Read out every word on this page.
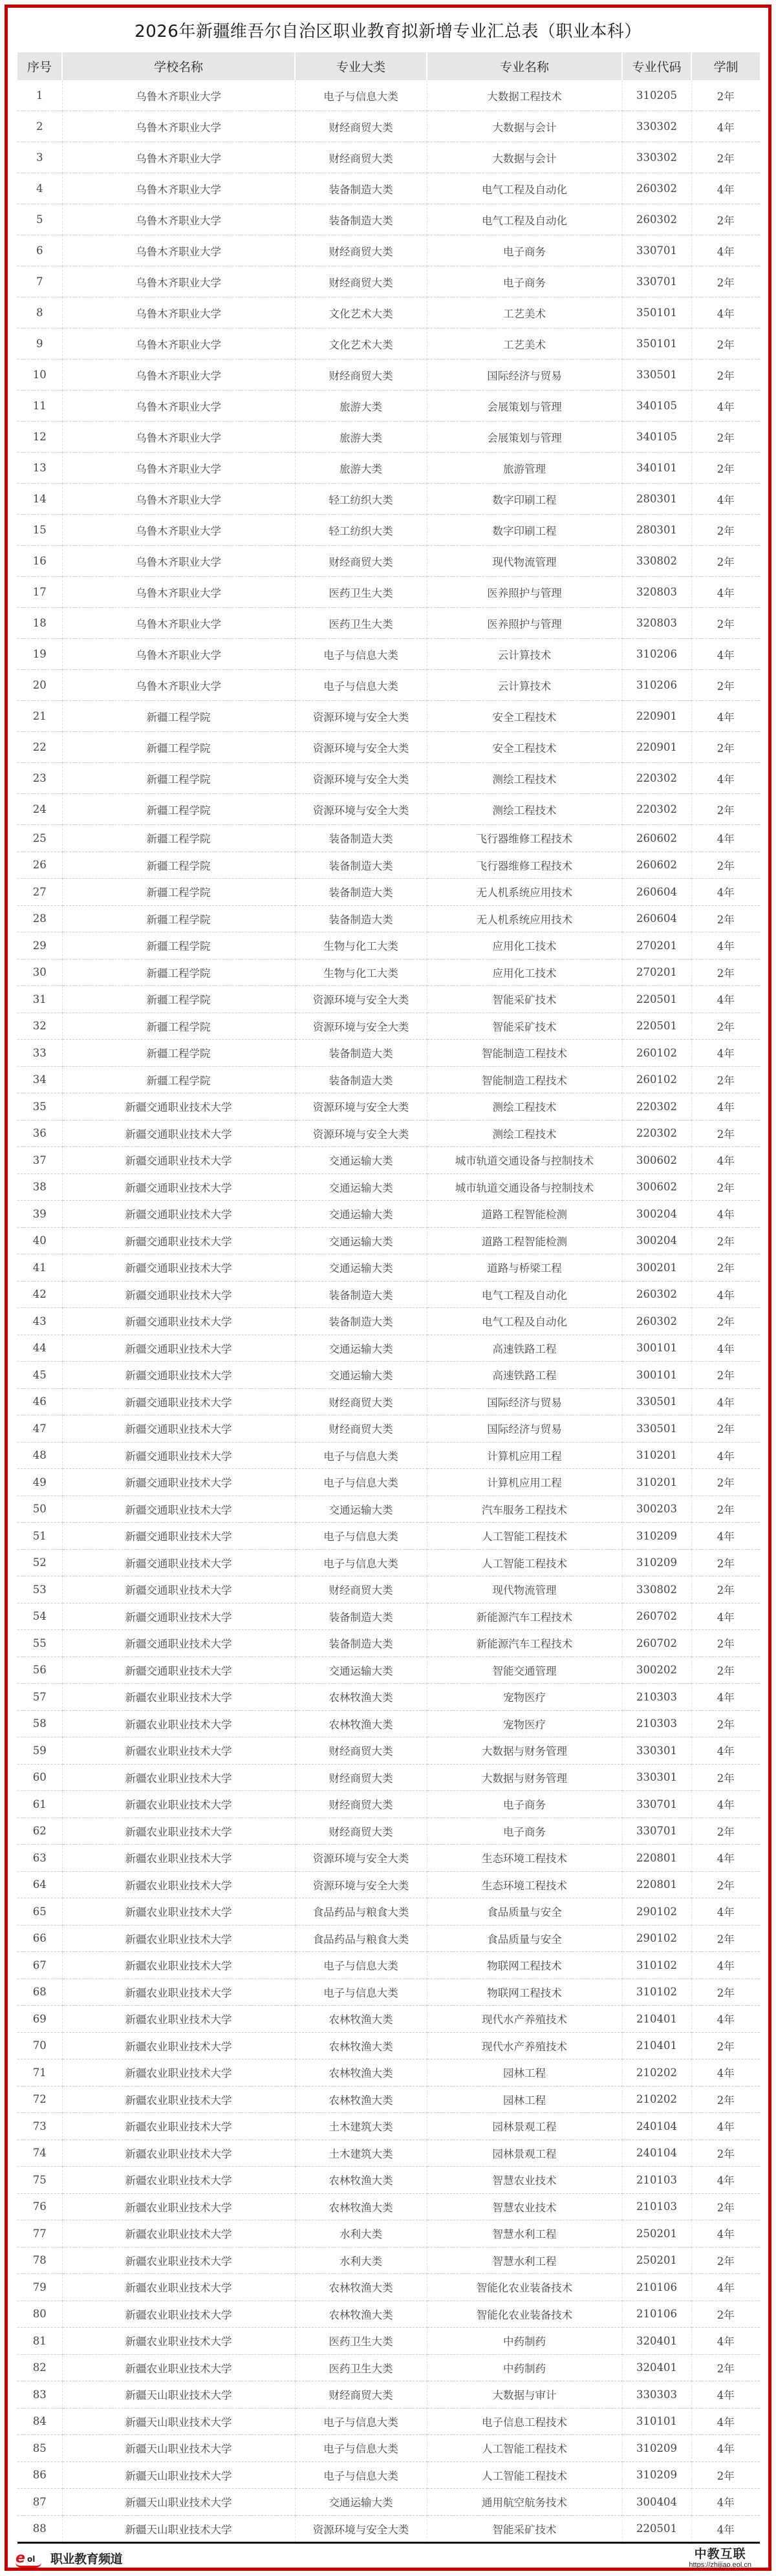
2026年新疆维吾尔自治区职业教育拟新增专业汇总表（职业本科）
序号	学校名称	专业大类	专业名称	专业代码	学制
1	乌鲁木齐职业大学	电子与信息大类	大数据工程技术	310205	2年
2	乌鲁木齐职业大学	财经商贸大类	大数据与会计	330302	4年
3	乌鲁木齐职业大学	财经商贸大类	大数据与会计	330302	2年
4	乌鲁木齐职业大学	装备制造大类	电气工程及自动化	260302	4年
5	乌鲁木齐职业大学	装备制造大类	电气工程及自动化	260302	2年
6	乌鲁木齐职业大学	财经商贸大类	电子商务	330701	4年
7	乌鲁木齐职业大学	财经商贸大类	电子商务	330701	2年
8	乌鲁木齐职业大学	文化艺术大类	工艺美术	350101	4年
9	乌鲁木齐职业大学	文化艺术大类	工艺美术	350101	2年
10	乌鲁木齐职业大学	财经商贸大类	国际经济与贸易	330501	2年
11	乌鲁木齐职业大学	旅游大类	会展策划与管理	340105	4年
12	乌鲁木齐职业大学	旅游大类	会展策划与管理	340105	2年
13	乌鲁木齐职业大学	旅游大类	旅游管理	340101	2年
14	乌鲁木齐职业大学	轻工纺织大类	数字印刷工程	280301	4年
15	乌鲁木齐职业大学	轻工纺织大类	数字印刷工程	280301	2年
16	乌鲁木齐职业大学	财经商贸大类	现代物流管理	330802	2年
17	乌鲁木齐职业大学	医药卫生大类	医养照护与管理	320803	4年
18	乌鲁木齐职业大学	医药卫生大类	医养照护与管理	320803	2年
19	乌鲁木齐职业大学	电子与信息大类	云计算技术	310206	4年
20	乌鲁木齐职业大学	电子与信息大类	云计算技术	310206	2年
21	新疆工程学院	资源环境与安全大类	安全工程技术	220901	4年
22	新疆工程学院	资源环境与安全大类	安全工程技术	220901	2年
23	新疆工程学院	资源环境与安全大类	测绘工程技术	220302	4年
24	新疆工程学院	资源环境与安全大类	测绘工程技术	220302	2年
25	新疆工程学院	装备制造大类	飞行器维修工程技术	260602	4年
26	新疆工程学院	装备制造大类	飞行器维修工程技术	260602	2年
27	新疆工程学院	装备制造大类	无人机系统应用技术	260604	4年
28	新疆工程学院	装备制造大类	无人机系统应用技术	260604	2年
29	新疆工程学院	生物与化工大类	应用化工技术	270201	4年
30	新疆工程学院	生物与化工大类	应用化工技术	270201	2年
31	新疆工程学院	资源环境与安全大类	智能采矿技术	220501	4年
32	新疆工程学院	资源环境与安全大类	智能采矿技术	220501	2年
33	新疆工程学院	装备制造大类	智能制造工程技术	260102	4年
34	新疆工程学院	装备制造大类	智能制造工程技术	260102	2年
35	新疆交通职业技术大学	资源环境与安全大类	测绘工程技术	220302	4年
36	新疆交通职业技术大学	资源环境与安全大类	测绘工程技术	220302	2年
37	新疆交通职业技术大学	交通运输大类	城市轨道交通设备与控制技术	300602	4年
38	新疆交通职业技术大学	交通运输大类	城市轨道交通设备与控制技术	300602	2年
39	新疆交通职业技术大学	交通运输大类	道路工程智能检测	300204	4年
40	新疆交通职业技术大学	交通运输大类	道路工程智能检测	300204	2年
41	新疆交通职业技术大学	交通运输大类	道路与桥梁工程	300201	2年
42	新疆交通职业技术大学	装备制造大类	电气工程及自动化	260302	4年
43	新疆交通职业技术大学	装备制造大类	电气工程及自动化	260302	2年
44	新疆交通职业技术大学	交通运输大类	高速铁路工程	300101	4年
45	新疆交通职业技术大学	交通运输大类	高速铁路工程	300101	2年
46	新疆交通职业技术大学	财经商贸大类	国际经济与贸易	330501	4年
47	新疆交通职业技术大学	财经商贸大类	国际经济与贸易	330501	2年
48	新疆交通职业技术大学	电子与信息大类	计算机应用工程	310201	4年
49	新疆交通职业技术大学	电子与信息大类	计算机应用工程	310201	2年
50	新疆交通职业技术大学	交通运输大类	汽车服务工程技术	300203	2年
51	新疆交通职业技术大学	电子与信息大类	人工智能工程技术	310209	4年
52	新疆交通职业技术大学	电子与信息大类	人工智能工程技术	310209	2年
53	新疆交通职业技术大学	财经商贸大类	现代物流管理	330802	2年
54	新疆交通职业技术大学	装备制造大类	新能源汽车工程技术	260702	4年
55	新疆交通职业技术大学	装备制造大类	新能源汽车工程技术	260702	2年
56	新疆交通职业技术大学	交通运输大类	智能交通管理	300202	2年
57	新疆农业职业技术大学	农林牧渔大类	宠物医疗	210303	4年
58	新疆农业职业技术大学	农林牧渔大类	宠物医疗	210303	2年
59	新疆农业职业技术大学	财经商贸大类	大数据与财务管理	330301	4年
60	新疆农业职业技术大学	财经商贸大类	大数据与财务管理	330301	2年
61	新疆农业职业技术大学	财经商贸大类	电子商务	330701	4年
62	新疆农业职业技术大学	财经商贸大类	电子商务	330701	2年
63	新疆农业职业技术大学	资源环境与安全大类	生态环境工程技术	220801	4年
64	新疆农业职业技术大学	资源环境与安全大类	生态环境工程技术	220801	2年
65	新疆农业职业技术大学	食品药品与粮食大类	食品质量与安全	290102	4年
66	新疆农业职业技术大学	食品药品与粮食大类	食品质量与安全	290102	2年
67	新疆农业职业技术大学	电子与信息大类	物联网工程技术	310102	4年
68	新疆农业职业技术大学	电子与信息大类	物联网工程技术	310102	2年
69	新疆农业职业技术大学	农林牧渔大类	现代水产养殖技术	210401	4年
70	新疆农业职业技术大学	农林牧渔大类	现代水产养殖技术	210401	2年
71	新疆农业职业技术大学	农林牧渔大类	园林工程	210202	4年
72	新疆农业职业技术大学	农林牧渔大类	园林工程	210202	2年
73	新疆农业职业技术大学	土木建筑大类	园林景观工程	240104	4年
74	新疆农业职业技术大学	土木建筑大类	园林景观工程	240104	2年
75	新疆农业职业技术大学	农林牧渔大类	智慧农业技术	210103	4年
76	新疆农业职业技术大学	农林牧渔大类	智慧农业技术	210103	2年
77	新疆农业职业技术大学	水利大类	智慧水利工程	250201	4年
78	新疆农业职业技术大学	水利大类	智慧水利工程	250201	2年
79	新疆农业职业技术大学	农林牧渔大类	智能化农业装备技术	210106	4年
80	新疆农业职业技术大学	农林牧渔大类	智能化农业装备技术	210106	2年
81	新疆农业职业技术大学	医药卫生大类	中药制药	320401	4年
82	新疆农业职业技术大学	医药卫生大类	中药制药	320401	2年
83	新疆天山职业技术大学	财经商贸大类	大数据与审计	330303	4年
84	新疆天山职业技术大学	电子与信息大类	电子信息工程技术	310101	4年
85	新疆天山职业技术大学	电子与信息大类	人工智能工程技术	310209	4年
86	新疆天山职业技术大学	电子与信息大类	人工智能工程技术	310209	2年
87	新疆天山职业技术大学	交通运输大类	通用航空航务技术	300404	4年
88	新疆天山职业技术大学	资源环境与安全大类	智能采矿技术	220501	4年
e ol 职业教育频道	中教互联
https://zhijiao.eol.cn
